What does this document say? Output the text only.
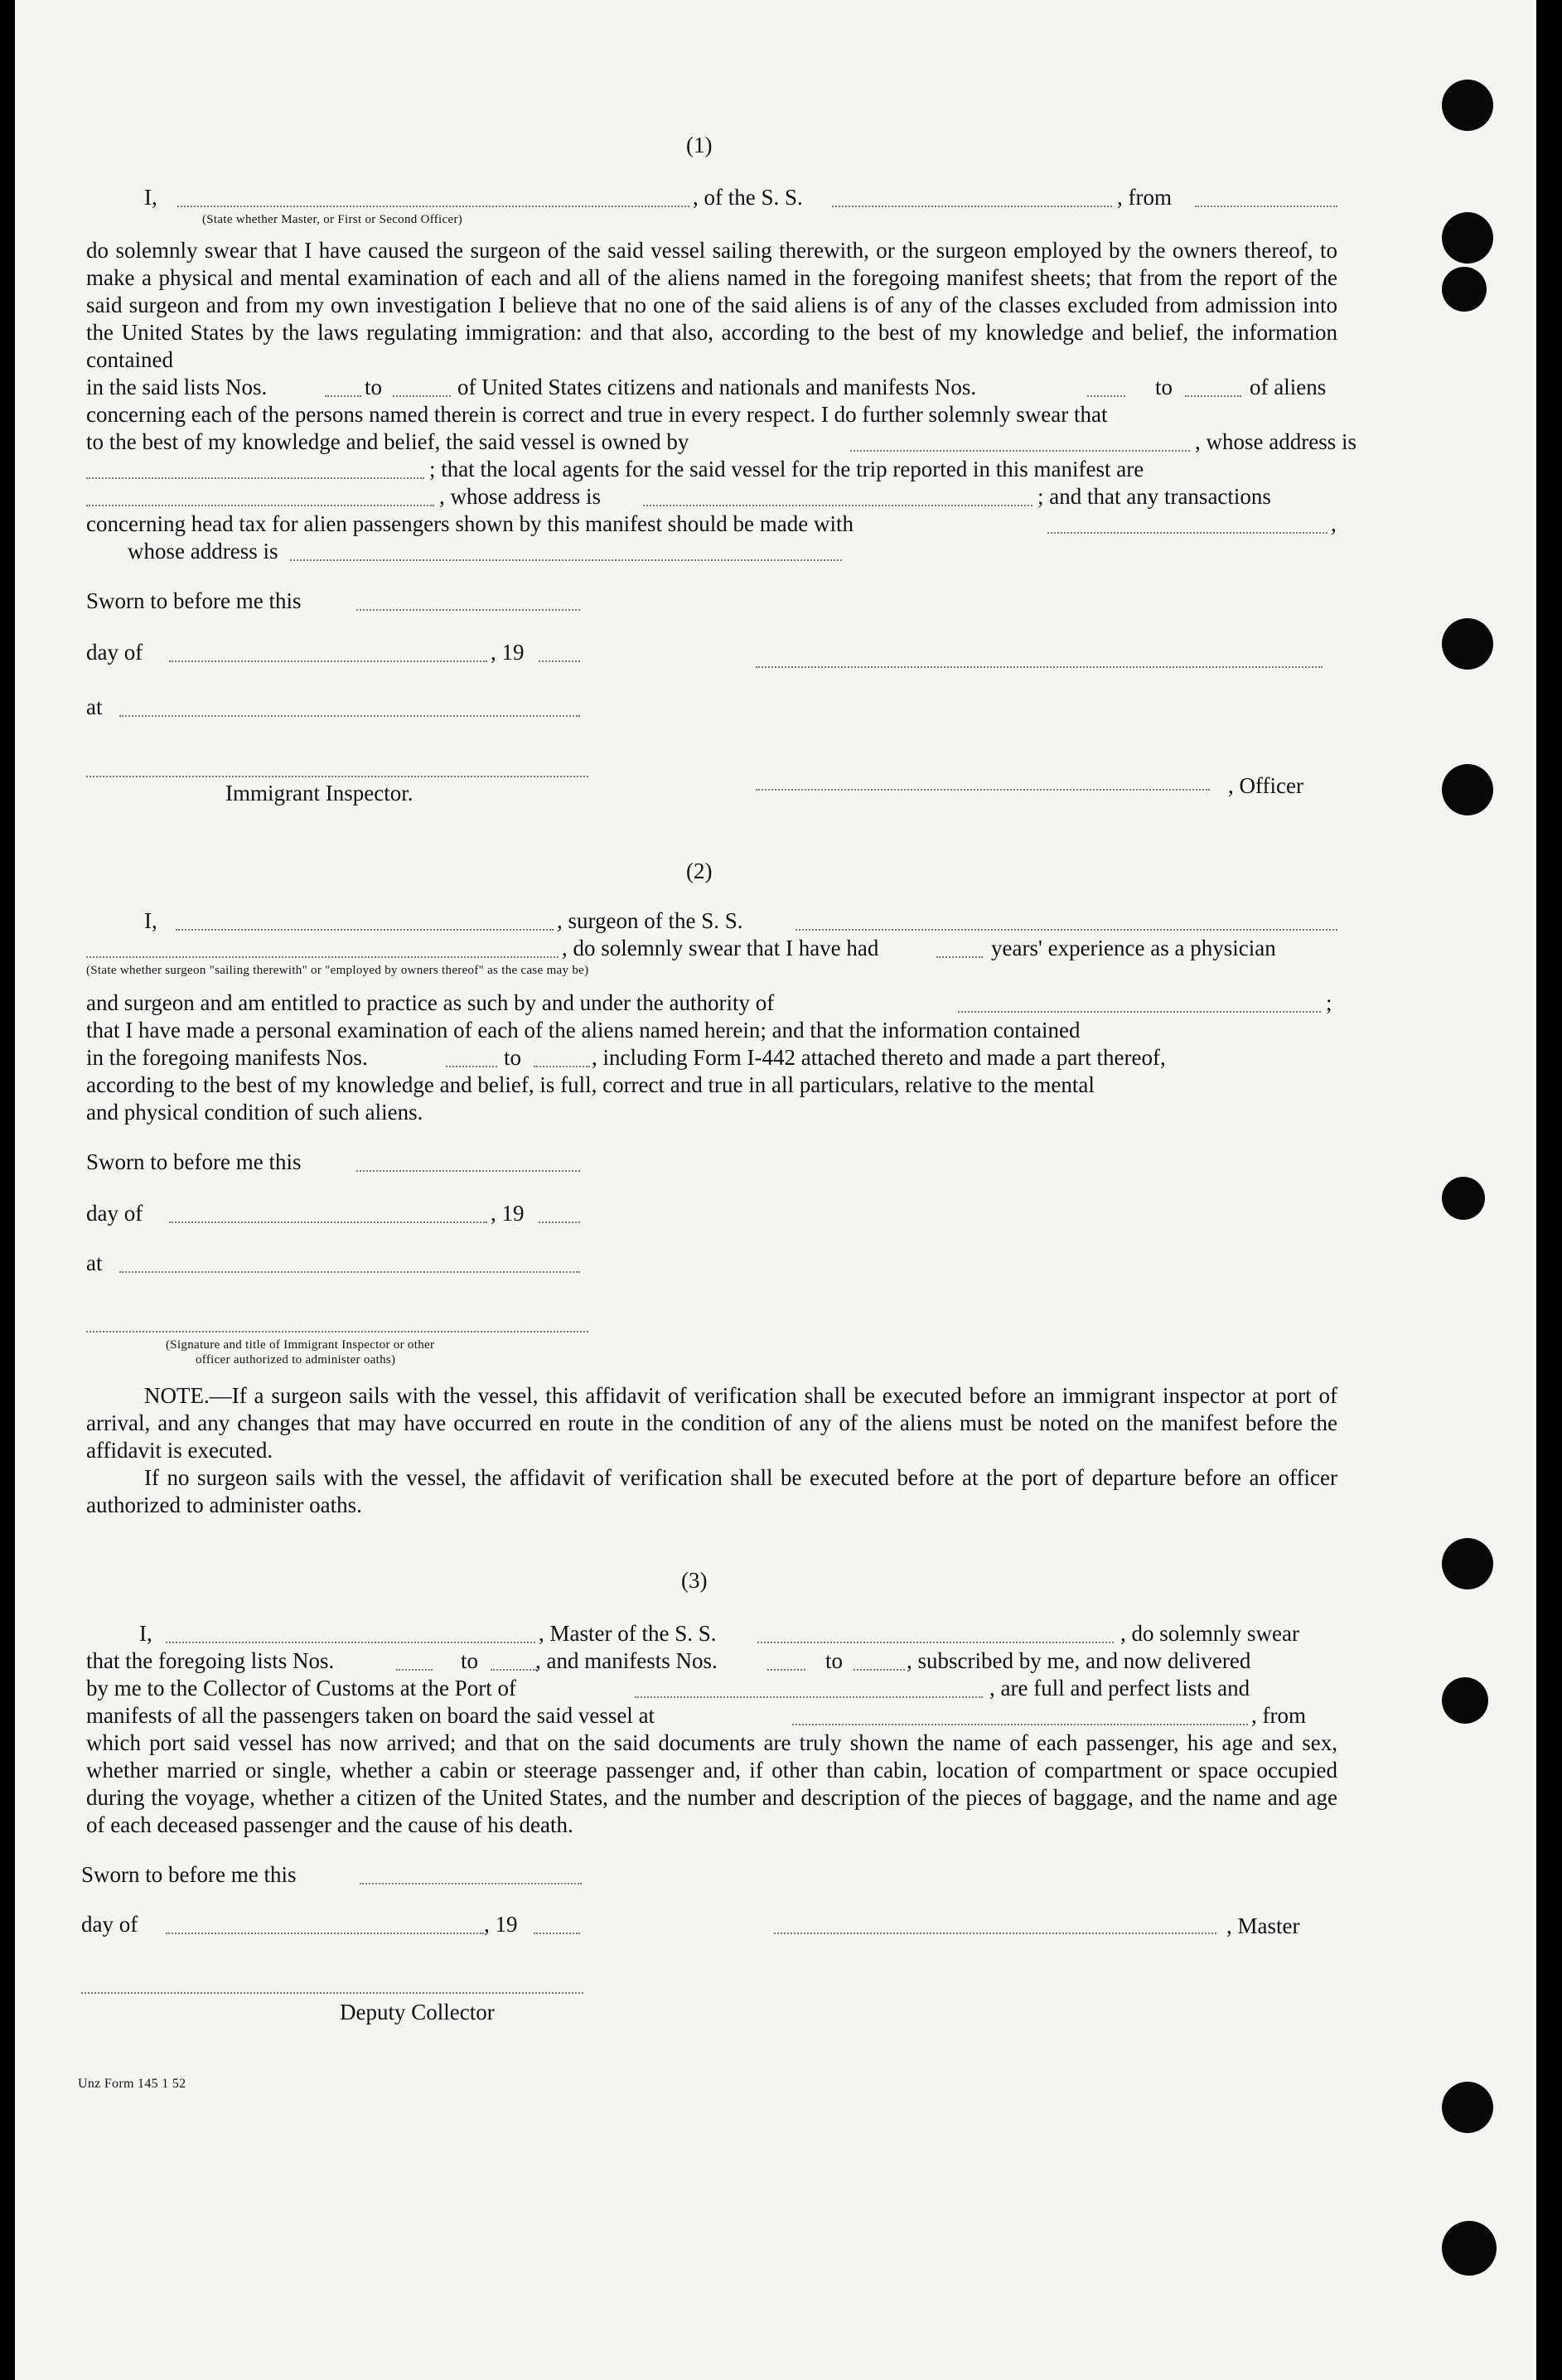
(1)
I,	, of the S. S.	, from
(State whether Master, or First or Second Officer)
do solemnly swear that I have caused the surgeon of the said vessel sailing therewith, or the surgeon employed by the owners thereof, to make a physical and mental examination of each and all of the aliens named in the foregoing manifest sheets; that from the report of the said surgeon and from my own investigation I believe that no one of the said aliens is of any of the classes excluded from admission into the United States by the laws regulating immigration: and that also, according to the best of my knowledge and belief, the information contained
in the said lists Nos.	to	of United States citizens and nationals and manifests Nos.	to	of aliens
concerning each of the persons named therein is correct and true in every respect. I do further solemnly swear that
to the best of my knowledge and belief, the said vessel is owned by	, whose address is
; that the local agents for the said vessel for the trip reported in this manifest are
, whose address is	; and that any transactions
concerning head tax for alien passengers shown by this manifest should be made with	,
whose address is
Sworn to before me this
day of	, 19
at
, Officer
Immigrant Inspector.
(2)
I,	, surgeon of the S. S.
, do solemnly swear that I have had	years' experience as a physician
(State whether surgeon "sailing therewith" or "employed by owners thereof" as the case may be)
and surgeon and am entitled to practice as such by and under the authority of	;
that I have made a personal examination of each of the aliens named herein; and that the information contained
in the foregoing manifests Nos.	to	, including Form I-442 attached thereto and made a part thereof,
according to the best of my knowledge and belief, is full, correct and true in all particulars, relative to the mental
and physical condition of such aliens.
Sworn to before me this
day of	, 19
at
(Signature and title of Immigrant Inspector or other
officer authorized to administer oaths)
NOTE.—If a surgeon sails with the vessel, this affidavit of verification shall be executed before an immigrant inspector at port of arrival, and any changes that may have occurred en route in the condition of any of the aliens must be noted on the manifest before the affidavit is executed.
If no surgeon sails with the vessel, the affidavit of verification shall be executed before at the port of departure before an officer authorized to administer oaths.
(3)
I,	, Master of the S. S.	, do solemnly swear
that the foregoing lists Nos.	to	, and manifests Nos.	to	, subscribed by me, and now delivered
by me to the Collector of Customs at the Port of	, are full and perfect lists and
manifests of all the passengers taken on board the said vessel at	, from
which port said vessel has now arrived; and that on the said documents are truly shown the name of each passenger, his age and sex, whether married or single, whether a cabin or steerage passenger and, if other than cabin, location of compartment or space occupied during the voyage, whether a citizen of the United States, and the number and description of the pieces of baggage, and the name and age of each deceased passenger and the cause of his death.
Sworn to before me this
day of	, 19	, Master
Deputy Collector
Unz Form 145 1 52
